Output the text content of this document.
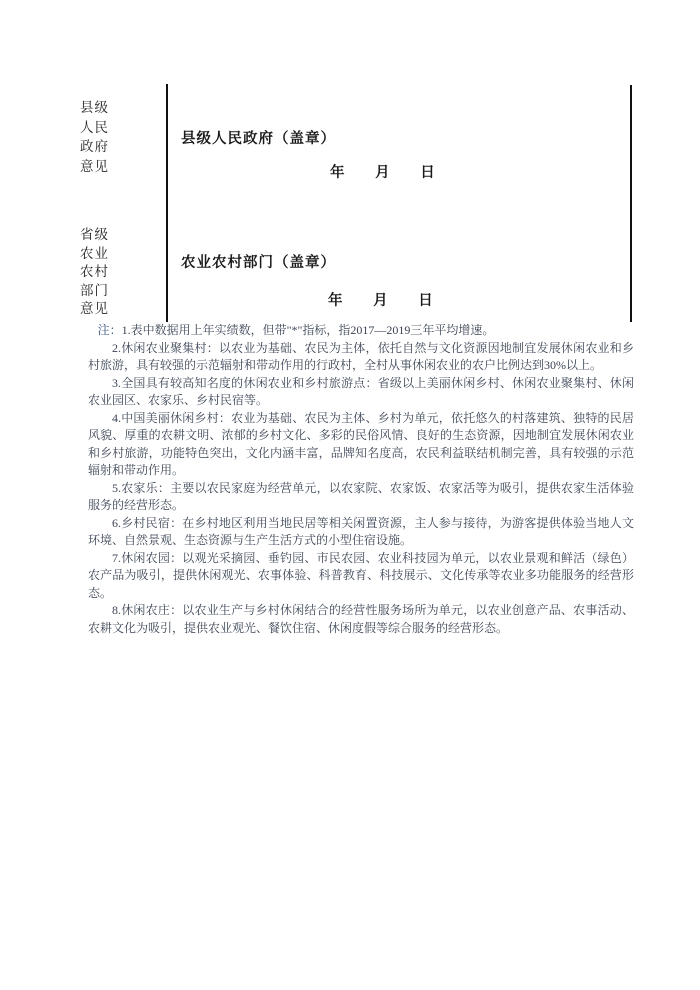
县级
人民
政府
意见
县级人民政府（盖章）
年 月 日
省级
农业
农村
部门
意见
农业农村部门（盖章）
年 月 日

注：1.表中数据用上年实绩数，但带"*"指标，指2017—2019三年平均增速。

2.休闲农业聚集村：以农业为基础、农民为主体，依托自然与文化资源因地制宜发展休闲农业和乡村旅游，具有较强的示范辐射和带动作用的行政村，全村从事休闲农业的农户比例达到30%以上。

3.全国具有较高知名度的休闲农业和乡村旅游点：省级以上美丽休闲乡村、休闲农业聚集村、休闲农业园区、农家乐、乡村民宿等。

4.中国美丽休闲乡村：农业为基础、农民为主体、乡村为单元，依托悠久的村落建筑、独特的民居风貌、厚重的农耕文明、浓郁的乡村文化、多彩的民俗风情、良好的生态资源，因地制宜发展休闲农业和乡村旅游，功能特色突出，文化内涵丰富，品牌知名度高，农民利益联结机制完善，具有较强的示范辐射和带动作用。

5.农家乐：主要以农民家庭为经营单元，以农家院、农家饭、农家活等为吸引，提供农家生活体验服务的经营形态。

6.乡村民宿：在乡村地区利用当地民居等相关闲置资源，主人参与接待，为游客提供体验当地人文环境、自然景观、生态资源与生产生活方式的小型住宿设施。

7.休闲农园：以观光采摘园、垂钓园、市民农园、农业科技园为单元，以农业景观和鲜活（绿色）农产品为吸引，提供休闲观光、农事体验、科普教育、科技展示、文化传承等农业多功能服务的经营形态。

8.休闲农庄：以农业生产与乡村休闲结合的经营性服务场所为单元，以农业创意产品、农事活动、农耕文化为吸引，提供农业观光、餐饮住宿、休闲度假等综合服务的经营形态。
